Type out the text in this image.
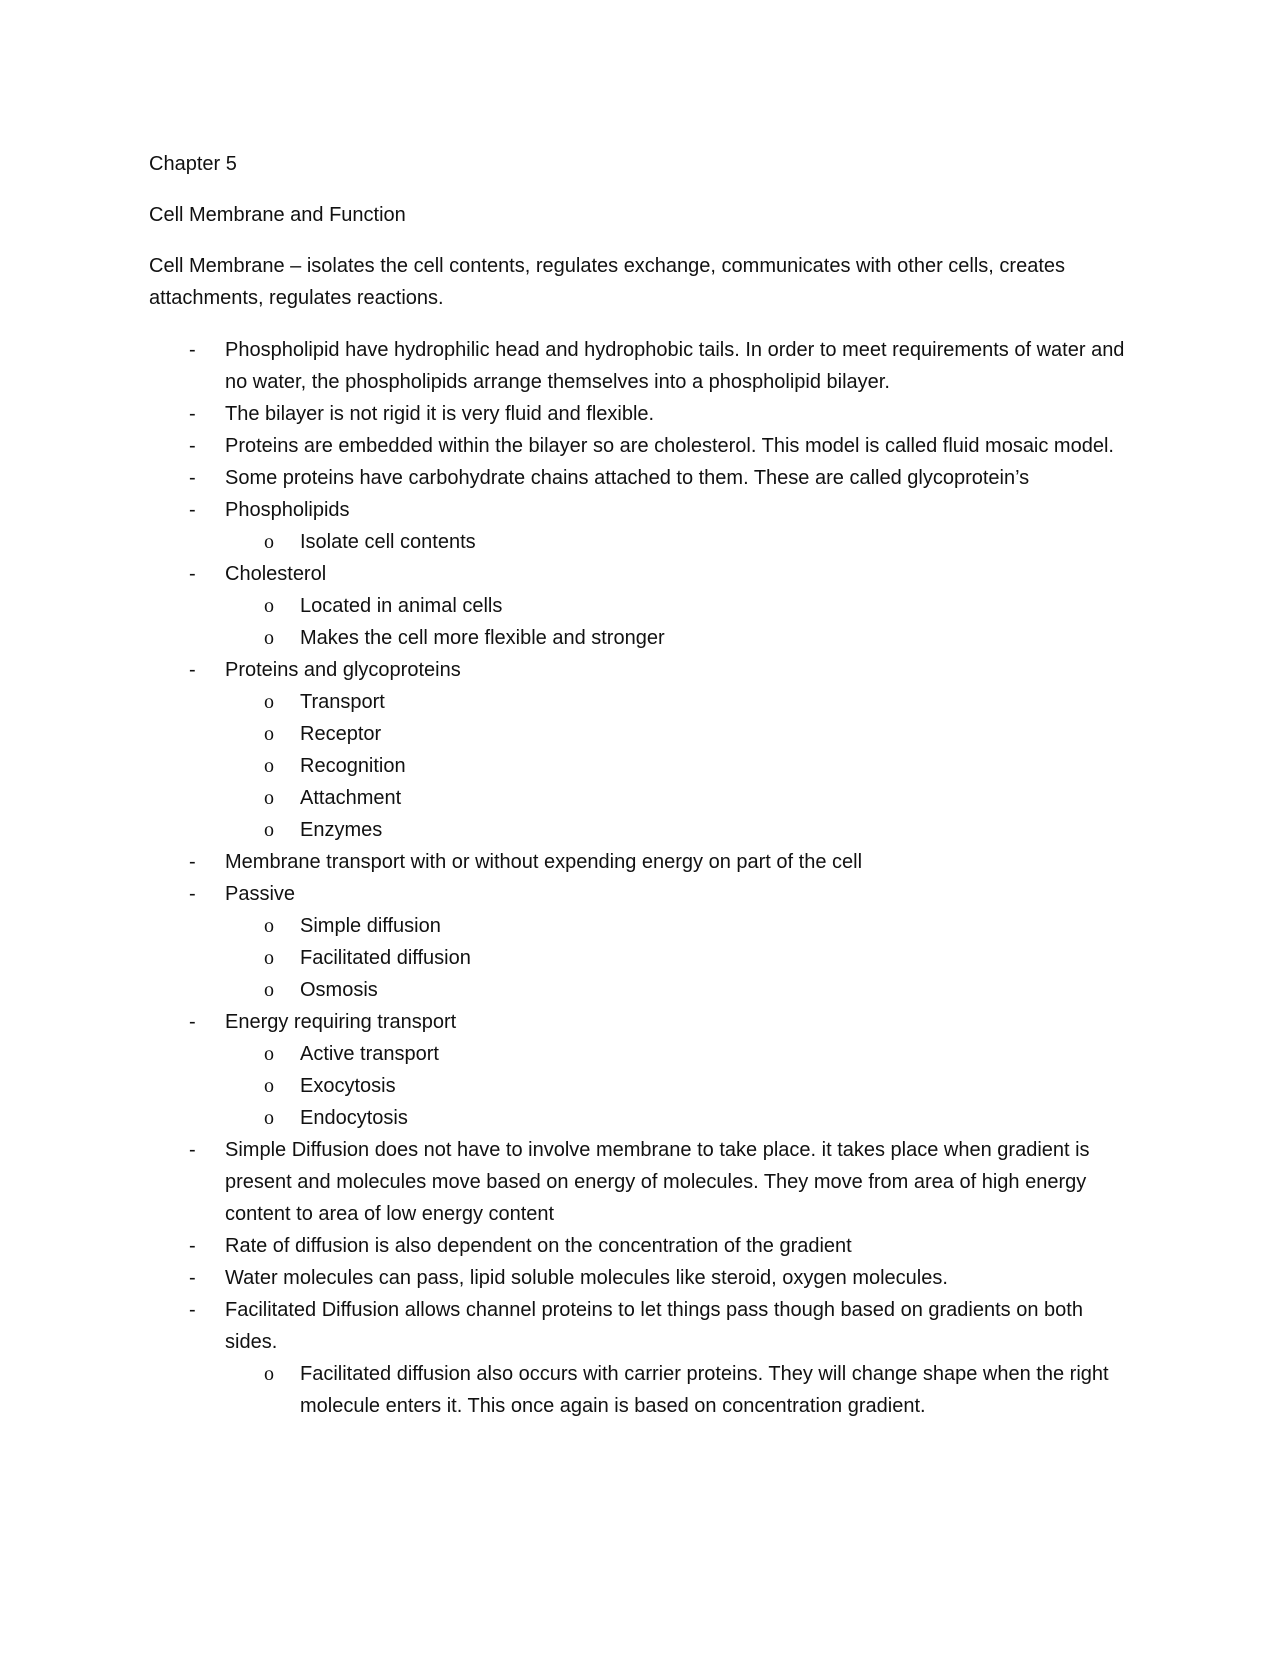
Chapter 5

Cell Membrane and Function

Cell Membrane – isolates the cell contents, regulates exchange, communicates with other cells, creates attachments, regulates reactions.

- Phospholipid have hydrophilic head and hydrophobic tails. In order to meet requirements of water and no water, the phospholipids arrange themselves into a phospholipid bilayer.
- The bilayer is not rigid it is very fluid and flexible.
- Proteins are embedded within the bilayer so are cholesterol. This model is called fluid mosaic model.
- Some proteins have carbohydrate chains attached to them. These are called glycoprotein’s
- Phospholipids
o Isolate cell contents
- Cholesterol
o Located in animal cells
o Makes the cell more flexible and stronger
- Proteins and glycoproteins
o Transport
o Receptor
o Recognition
o Attachment
o Enzymes
- Membrane transport with or without expending energy on part of the cell
- Passive
o Simple diffusion
o Facilitated diffusion
o Osmosis
- Energy requiring transport
o Active transport
o Exocytosis
o Endocytosis
- Simple Diffusion does not have to involve membrane to take place. it takes place when gradient is present and molecules move based on energy of molecules. They move from area of high energy content to area of low energy content
- Rate of diffusion is also dependent on the concentration of the gradient
- Water molecules can pass, lipid soluble molecules like steroid, oxygen molecules.
- Facilitated Diffusion allows channel proteins to let things pass though based on gradients on both sides.
o Facilitated diffusion also occurs with carrier proteins. They will change shape when the right molecule enters it. This once again is based on concentration gradient.
